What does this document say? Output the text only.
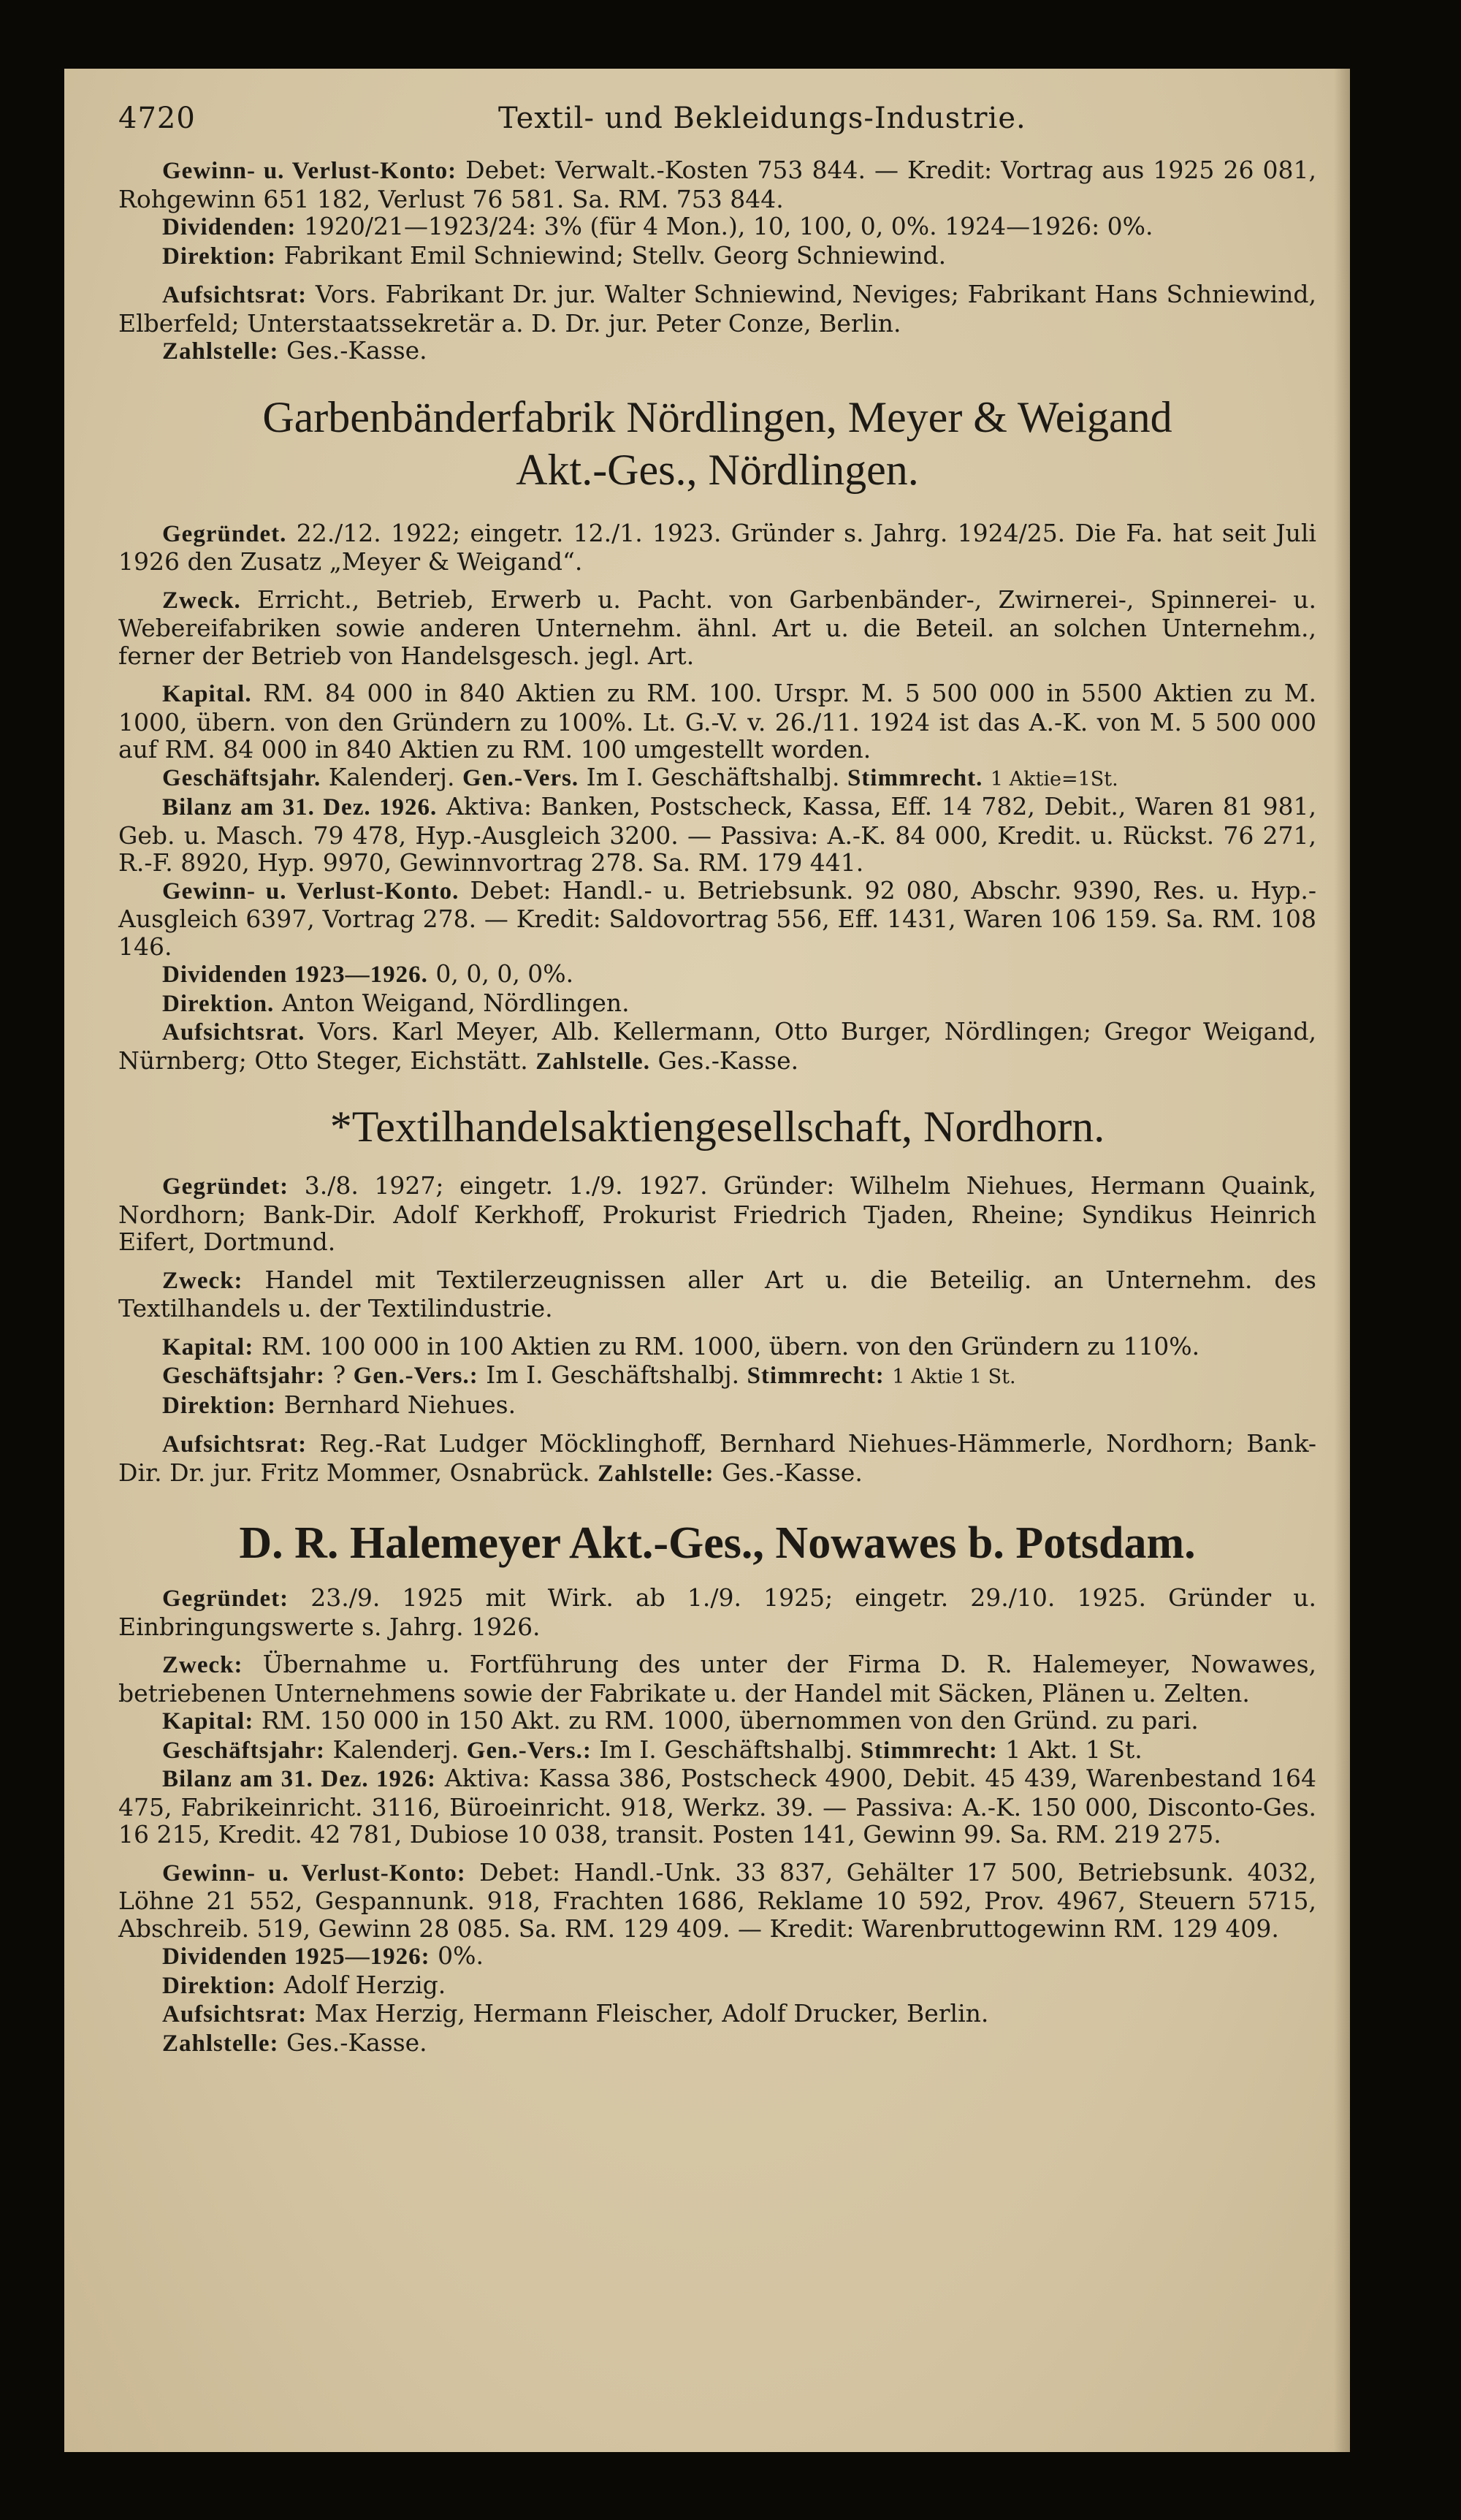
4720	Textil- und Bekleidungs-Industrie.

Gewinn- u. Verlust-Konto: Debet: Verwalt.-Kosten 753 844. — Kredit: Vortrag aus 1925 26 081, Rohgewinn 651 182, Verlust 76 581. Sa. RM. 753 844.

Dividenden: 1920/21—1923/24: 3% (für 4 Mon.), 10, 100, 0, 0%. 1924—1926: 0%.

Direktion: Fabrikant Emil Schniewind; Stellv. Georg Schniewind.

Aufsichtsrat: Vors. Fabrikant Dr. jur. Walter Schniewind, Neviges; Fabrikant Hans Schniewind, Elberfeld; Unterstaatssekretär a. D. Dr. jur. Peter Conze, Berlin.

Zahlstelle: Ges.-Kasse.

Garbenbänderfabrik Nördlingen, Meyer & Weigand
Akt.-Ges., Nördlingen.

Gegründet. 22./12. 1922; eingetr. 12./1. 1923. Gründer s. Jahrg. 1924/25. Die Fa. hat seit Juli 1926 den Zusatz „Meyer & Weigand“.

Zweck. Erricht., Betrieb, Erwerb u. Pacht. von Garbenbänder-, Zwirnerei-, Spinnerei- u. Webereifabriken sowie anderen Unternehm. ähnl. Art u. die Beteil. an solchen Unternehm., ferner der Betrieb von Handelsgesch. jegl. Art.

Kapital. RM. 84 000 in 840 Aktien zu RM. 100. Urspr. M. 5 500 000 in 5500 Aktien zu M. 1000, übern. von den Gründern zu 100%. Lt. G.-V. v. 26./11. 1924 ist das A.-K. von M. 5 500 000 auf RM. 84 000 in 840 Aktien zu RM. 100 umgestellt worden.

Geschäftsjahr. Kalenderj. Gen.-Vers. Im I. Geschäftshalbj. Stimmrecht. 1 Aktie=1St.

Bilanz am 31. Dez. 1926. Aktiva: Banken, Postscheck, Kassa, Eff. 14 782, Debit., Waren 81 981, Geb. u. Masch. 79 478, Hyp.-Ausgleich 3200. — Passiva: A.-K. 84 000, Kredit. u. Rückst. 76 271, R.-F. 8920, Hyp. 9970, Gewinnvortrag 278. Sa. RM. 179 441.

Gewinn- u. Verlust-Konto. Debet: Handl.- u. Betriebsunk. 92 080, Abschr. 9390, Res. u. Hyp.-Ausgleich 6397, Vortrag 278. — Kredit: Saldovortrag 556, Eff. 1431, Waren 106 159. Sa. RM. 108 146.

Dividenden 1923—1926. 0, 0, 0, 0%.

Direktion. Anton Weigand, Nördlingen.

Aufsichtsrat. Vors. Karl Meyer, Alb. Kellermann, Otto Burger, Nördlingen; Gregor Weigand, Nürnberg; Otto Steger, Eichstätt. Zahlstelle. Ges.-Kasse.

*Textilhandelsaktiengesellschaft, Nordhorn.

Gegründet: 3./8. 1927; eingetr. 1./9. 1927. Gründer: Wilhelm Niehues, Hermann Quaink, Nordhorn; Bank-Dir. Adolf Kerkhoff, Prokurist Friedrich Tjaden, Rheine; Syndikus Heinrich Eifert, Dortmund.

Zweck: Handel mit Textilerzeugnissen aller Art u. die Beteilig. an Unternehm. des Textilhandels u. der Textilindustrie.

Kapital: RM. 100 000 in 100 Aktien zu RM. 1000, übern. von den Gründern zu 110%.

Geschäftsjahr: ? Gen.-Vers.: Im I. Geschäftshalbj. Stimmrecht: 1 Aktie 1 St.

Direktion: Bernhard Niehues.

Aufsichtsrat: Reg.-Rat Ludger Möcklinghoff, Bernhard Niehues-Hämmerle, Nordhorn; Bank-Dir. Dr. jur. Fritz Mommer, Osnabrück. Zahlstelle: Ges.-Kasse.

D. R. Halemeyer Akt.-Ges., Nowawes b. Potsdam.

Gegründet: 23./9. 1925 mit Wirk. ab 1./9. 1925; eingetr. 29./10. 1925. Gründer u. Einbringungswerte s. Jahrg. 1926.

Zweck: Übernahme u. Fortführung des unter der Firma D. R. Halemeyer, Nowawes, betriebenen Unternehmens sowie der Fabrikate u. der Handel mit Säcken, Plänen u. Zelten.

Kapital: RM. 150 000 in 150 Akt. zu RM. 1000, übernommen von den Gründ. zu pari.

Geschäftsjahr: Kalenderj. Gen.-Vers.: Im I. Geschäftshalbj. Stimmrecht: 1 Akt. 1 St.

Bilanz am 31. Dez. 1926: Aktiva: Kassa 386, Postscheck 4900, Debit. 45 439, Warenbestand 164 475, Fabrikeinricht. 3116, Büroeinricht. 918, Werkz. 39. — Passiva: A.-K. 150 000, Disconto-Ges. 16 215, Kredit. 42 781, Dubiose 10 038, transit. Posten 141, Gewinn 99. Sa. RM. 219 275.

Gewinn- u. Verlust-Konto: Debet: Handl.-Unk. 33 837, Gehälter 17 500, Betriebsunk. 4032, Löhne 21 552, Gespannunk. 918, Frachten 1686, Reklame 10 592, Prov. 4967, Steuern 5715, Abschreib. 519, Gewinn 28 085. Sa. RM. 129 409. — Kredit: Warenbruttogewinn RM. 129 409.

Dividenden 1925—1926: 0%.

Direktion: Adolf Herzig.

Aufsichtsrat: Max Herzig, Hermann Fleischer, Adolf Drucker, Berlin.

Zahlstelle: Ges.-Kasse.
